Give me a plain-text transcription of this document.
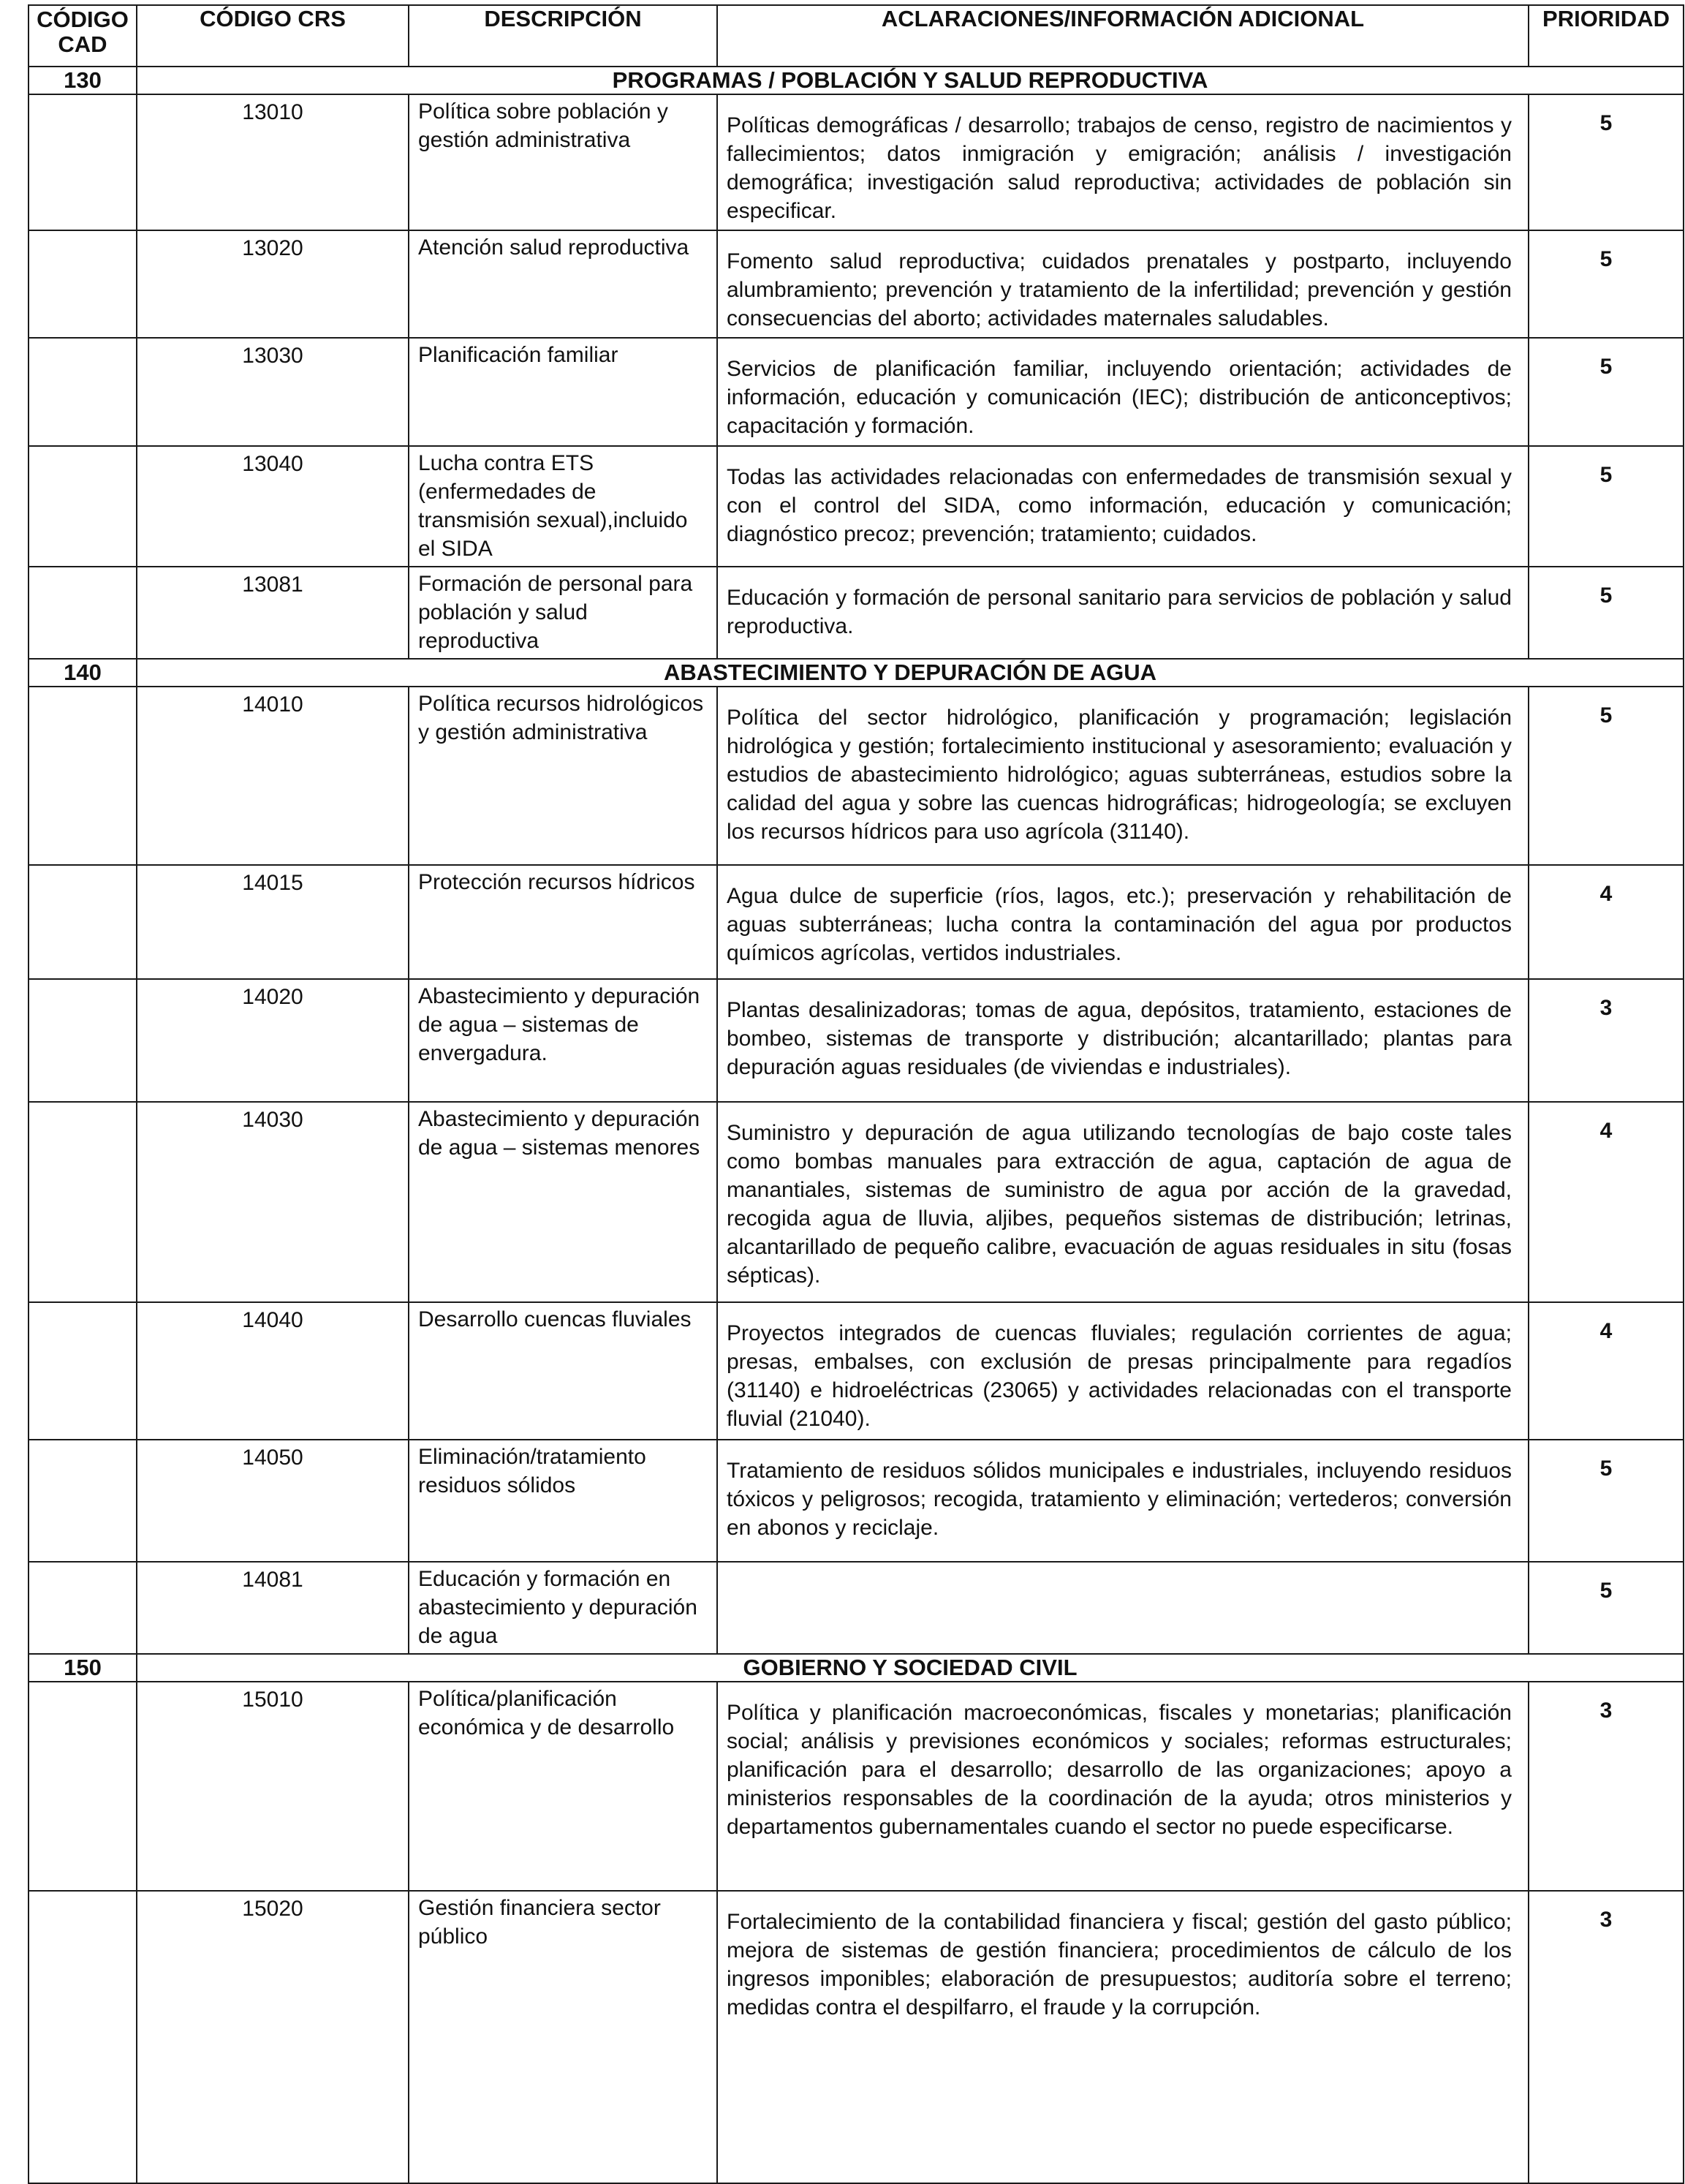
CÓDIGO CAD	CÓDIGO CRS	DESCRIPCIÓN	ACLARACIONES/INFORMACIÓN ADICIONAL	PRIORIDAD
130	PROGRAMAS / POBLACIÓN Y SALUD REPRODUCTIVA			
	13010	Política sobre población y gestión administrativa	Políticas demográficas / desarrollo; trabajos de censo, registro de nacimientos y fallecimientos; datos inmigración y emigración; análisis / investigación demográfica; investigación salud reproductiva; actividades de población sin especificar.	5
	13020	Atención salud reproductiva	Fomento salud reproductiva; cuidados prenatales y postparto, incluyendo alumbramiento; prevención y tratamiento de la infertilidad; prevención y gestión consecuencias del aborto; actividades maternales saludables.	5
	13030	Planificación familiar	Servicios de planificación familiar, incluyendo orientación; actividades de información, educación y comunicación (IEC); distribución de anticonceptivos; capacitación y formación.	5
	13040	Lucha contra ETS (enfermedades de transmisión sexual),incluido el SIDA	Todas las actividades relacionadas con enfermedades de transmisión sexual y con el control del SIDA, como información, educación y comunicación; diagnóstico precoz; prevención; tratamiento; cuidados.	5
	13081	Formación de personal para población y salud reproductiva	Educación y formación de personal sanitario para servicios de población y salud reproductiva.	5
140	ABASTECIMIENTO Y DEPURACIÓN DE AGUA			
	14010	Política recursos hidrológicos y gestión administrativa	Política del sector hidrológico, planificación y programación; legislación hidrológica y gestión; fortalecimiento institucional y asesoramiento; evaluación y estudios de abastecimiento hidrológico; aguas subterráneas, estudios sobre la calidad del agua y sobre las cuencas hidrográficas; hidrogeología; se excluyen los recursos hídricos para uso agrícola (31140).	5
	14015	Protección recursos hídricos	Agua dulce de superficie (ríos, lagos, etc.); preservación y rehabilitación de aguas subterráneas; lucha contra la contaminación del agua por productos químicos agrícolas, vertidos industriales.	4
	14020	Abastecimiento y depuración de agua – sistemas de envergadura.	Plantas desalinizadoras; tomas de agua, depósitos, tratamiento, estaciones de bombeo, sistemas de transporte y distribución; alcantarillado; plantas para depuración aguas residuales (de viviendas e industriales).	3
	14030	Abastecimiento y depuración de agua – sistemas menores	Suministro y depuración de agua utilizando tecnologías de bajo coste tales como bombas manuales para extracción de agua, captación de agua de manantiales, sistemas de suministro de agua por acción de la gravedad, recogida agua de lluvia, aljibes, pequeños sistemas de distribución; letrinas, alcantarillado de pequeño calibre, evacuación de aguas residuales in situ (fosas sépticas).	4
	14040	Desarrollo cuencas fluviales	Proyectos integrados de cuencas fluviales; regulación corrientes de agua; presas, embalses, con exclusión de presas principalmente para regadíos (31140) e hidroeléctricas (23065) y actividades relacionadas con el transporte fluvial (21040).	4
	14050	Eliminación/tratamiento residuos sólidos	Tratamiento de residuos sólidos municipales e industriales, incluyendo residuos tóxicos y peligrosos; recogida, tratamiento y eliminación; vertederos; conversión en abonos y reciclaje.	5
	14081	Educación y formación en abastecimiento y depuración de agua		5
150	GOBIERNO Y SOCIEDAD CIVIL			
	15010	Política/planificación económica y de desarrollo	Política y planificación macroeconómicas, fiscales y monetarias; planificación social; análisis y previsiones económicos y sociales; reformas estructurales; planificación para el desarrollo; desarrollo de las organizaciones; apoyo a ministerios responsables de la coordinación de la ayuda; otros ministerios y departamentos gubernamentales cuando el sector no puede especificarse.	3
	15020	Gestión financiera sector público	Fortalecimiento de la contabilidad financiera y fiscal; gestión del gasto público; mejora de sistemas de gestión financiera; procedimientos de cálculo de los ingresos imponibles; elaboración de presupuestos; auditoría sobre el terreno; medidas contra el despilfarro, el fraude y la corrupción.	3
